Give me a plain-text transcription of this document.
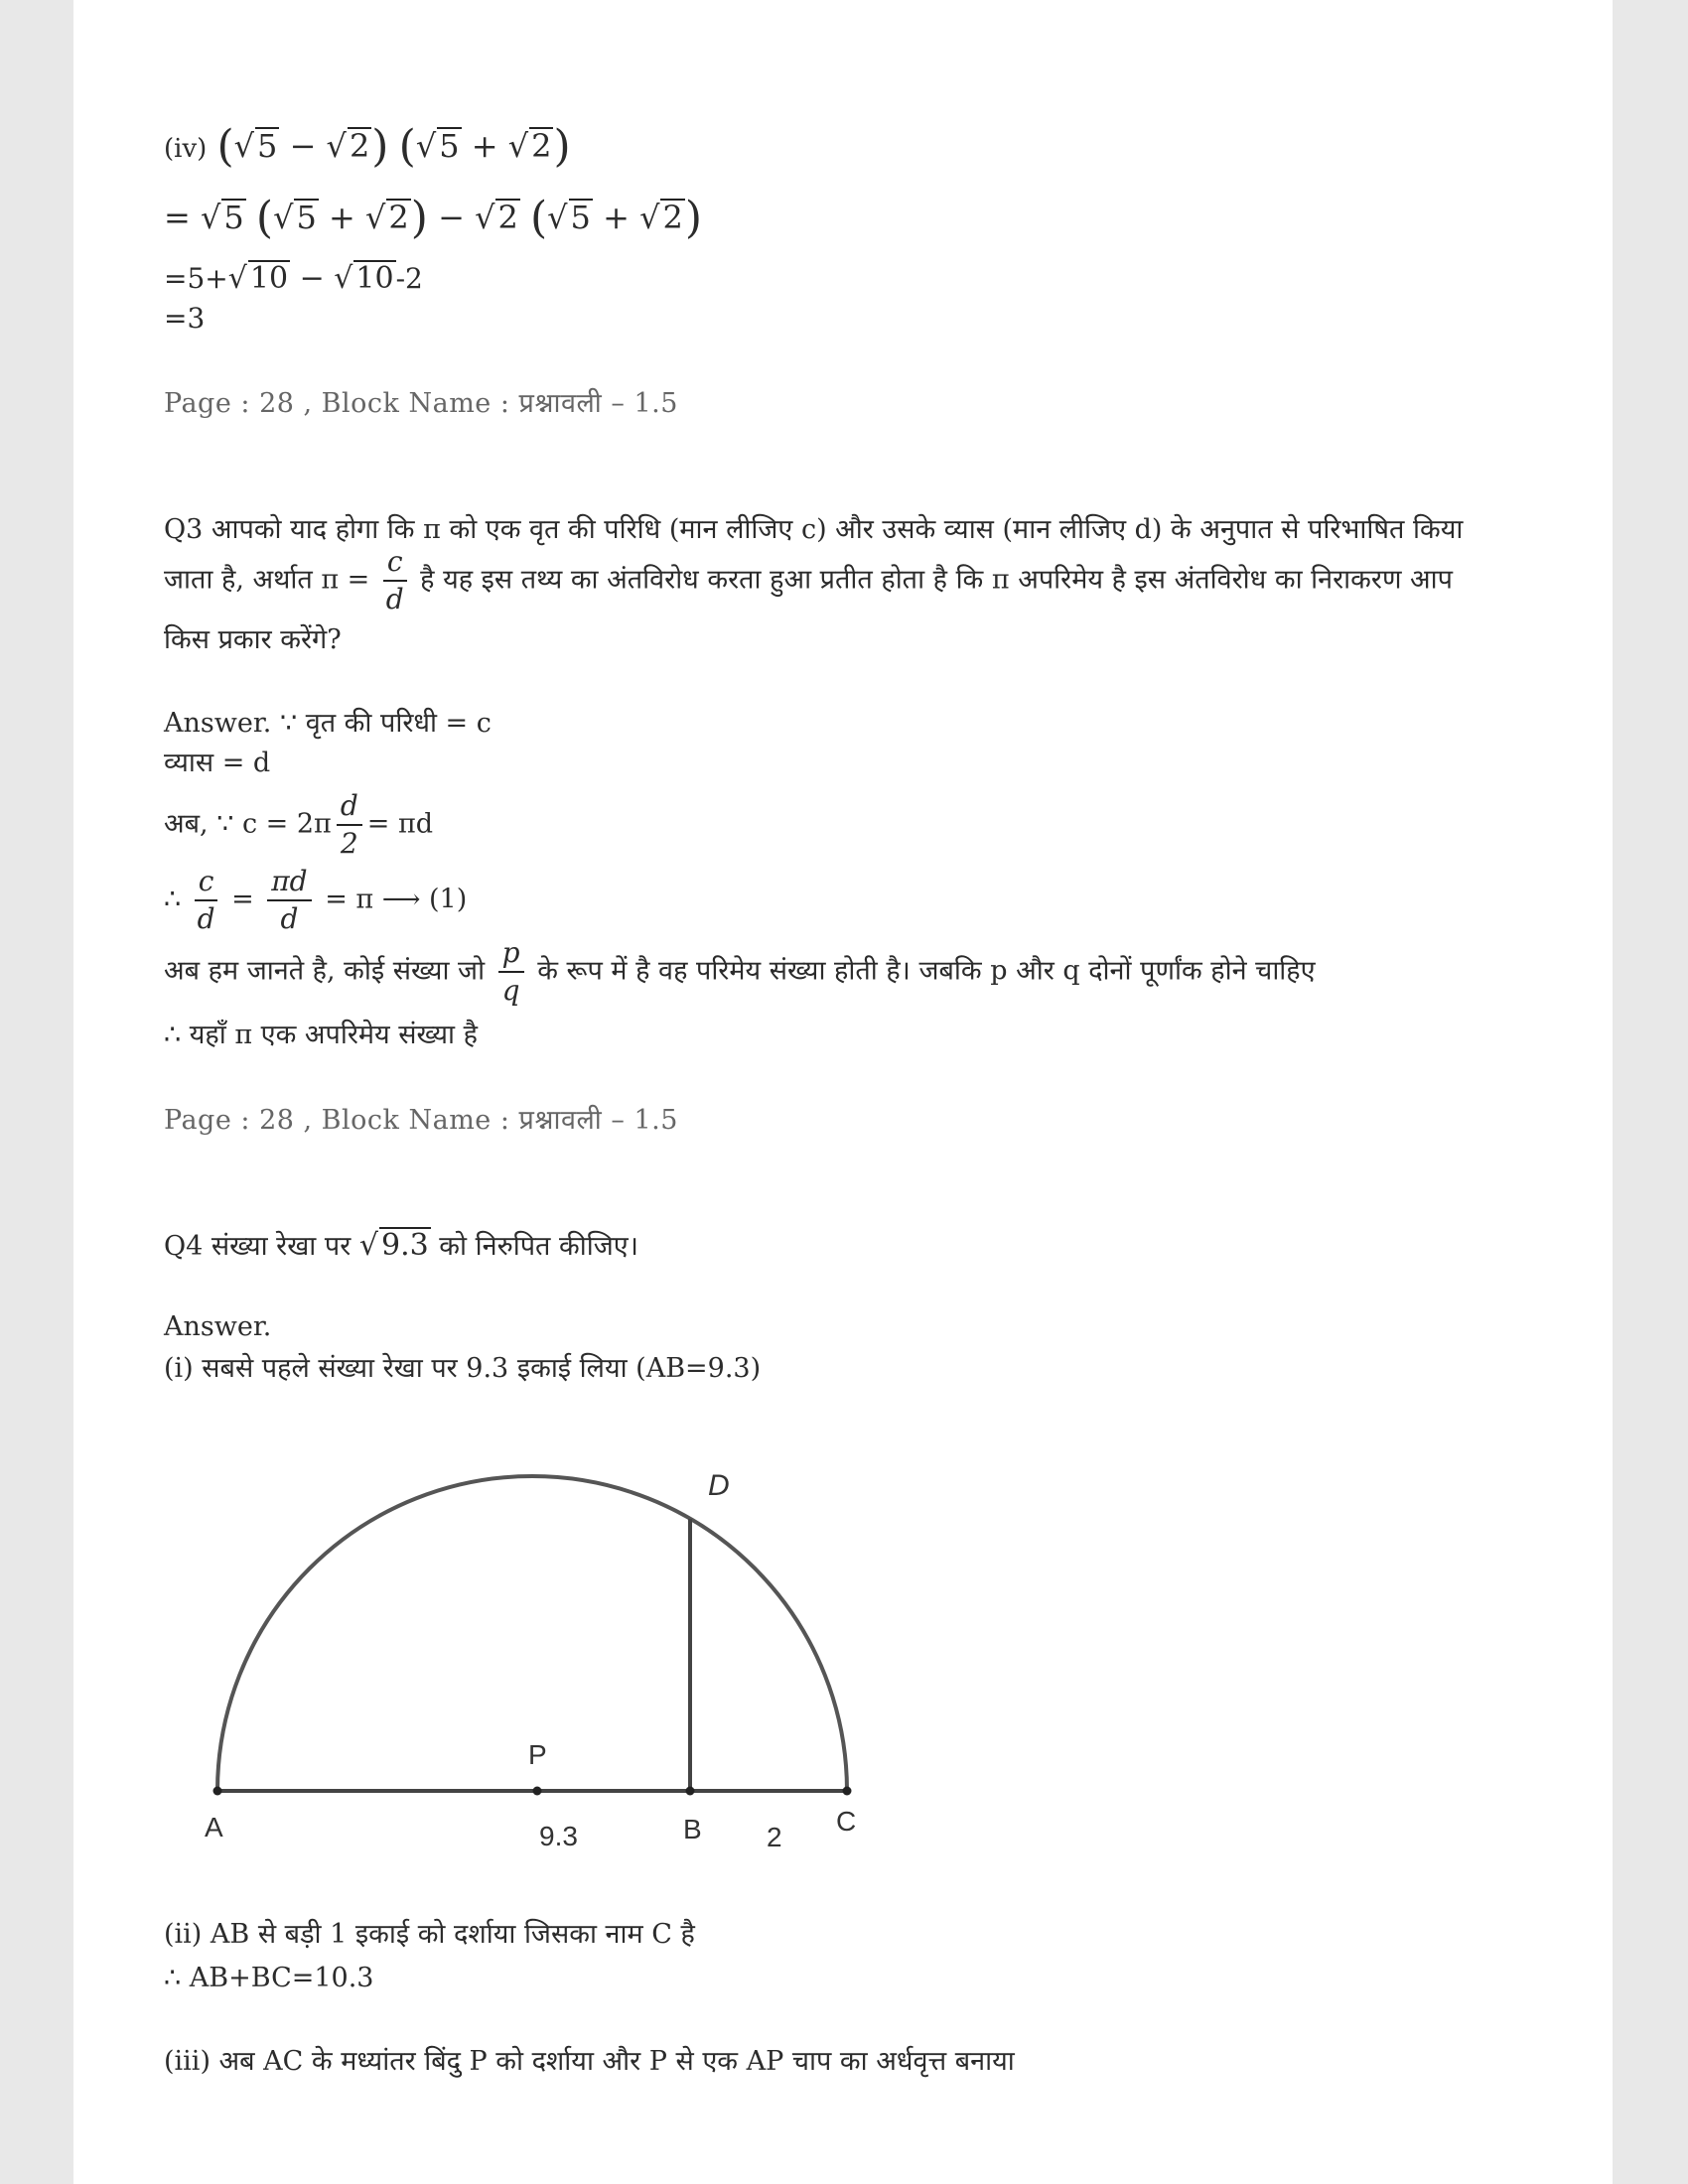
(iv) (√5 − √2) (√5 + √2)
= √5 (√5 + √2) − √2 (√5 + √2)
=5+√ 10 − √ 10-2
=3
Page : 28 , Block Name : प्रश्नावली – 1.5
Q3 आपको याद होगा कि π को एक वृत की परिधि (मान लीजिए c) और उसके व्यास (मान लीजिए d) के अनुपात से परिभाषित किया
जाता है, अर्थात $\pi = \frac{c}{d}$ है यह इस तथ्य का अंतविरोध करता हुआ प्रतीत होता है कि π अपरिमेय है इस अंतविरोध का निराकरण आप
किस प्रकार करेंगे?
Answer. ∵ वृत की परिधी = c
व्यास = d
अब, ∵ $c = 2\pi \frac{d}{2} = \pi d$
∴ $\frac{c}{d} = \frac{\pi d}{d} = \pi$ ⟶ (1)
अब हम जानते है, कोई संख्या जो $\frac{p}{q}$ के रूप में है वह परिमेय संख्या होती है। जबकि p और q दोनों पूर्णांक होने चाहिए
∴ यहाँ π एक अपरिमेय संख्या है
Page : 28 , Block Name : प्रश्नावली – 1.5
Q4 संख्या रेखा पर √ 9.3 को निरुपित कीजिए।
Answer.
(i) सबसे पहले संख्या रेखा पर 9.3 इकाई लिया (AB=9.3)
A
P
9.3	B 2
C
D
(ii) AB से बड़ी 1 इकाई को दर्शाया जिसका नाम C है
∴ AB+BC=10.3
(iii) अब AC के मध्यांतर बिंदु P को दर्शाया और P से एक AP चाप का अर्धवृत्त बनाया
